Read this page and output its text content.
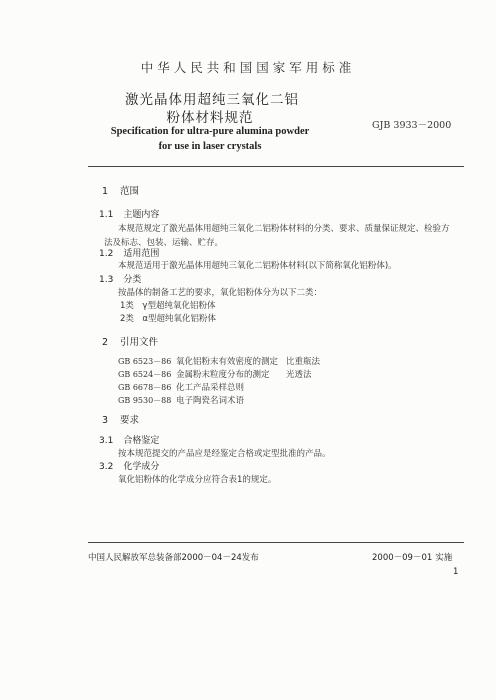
中华人民共和国国家军用标准
激光晶体用超纯三氧化二铝
粉体材料规范	GJB 3933－2000
Specification for ultra-pure alumina powder
for use in laser crystals
1 范围
1.1 主题内容
本规范规定了激光晶体用超纯三氧化二铝粉体材料的分类、要求、质量保证规定、检验方
法及标志、包装、运输、贮存。
1.2 适用范围
本规范适用于激光晶体用超纯三氧化二铝粉体材料(以下简称氧化铝粉体)。
1.3 分类
按晶体的制备工艺的要求，氧化铝粉体分为以下二类：
1类　γ型超纯氧化铝粉体
2类　α型超纯氧化铝粉体
2 引用文件
GB 6523－86 氧化铝粉末有效密度的测定 比重瓶法
GB 6524－86 金属粉末粒度分布的测定 光透法
GB 6678－86 化工产品采样总则
GB 9530－88 电子陶瓷名词术语
3 要求
3.1 合格鉴定
按本规范提交的产品应是经鉴定合格或定型批准的产品。
3.2 化学成分
氧化铝粉体的化学成分应符合表1的规定。
中国人民解放军总装备部2000－04－24发布	2000－09－01 实施
1
